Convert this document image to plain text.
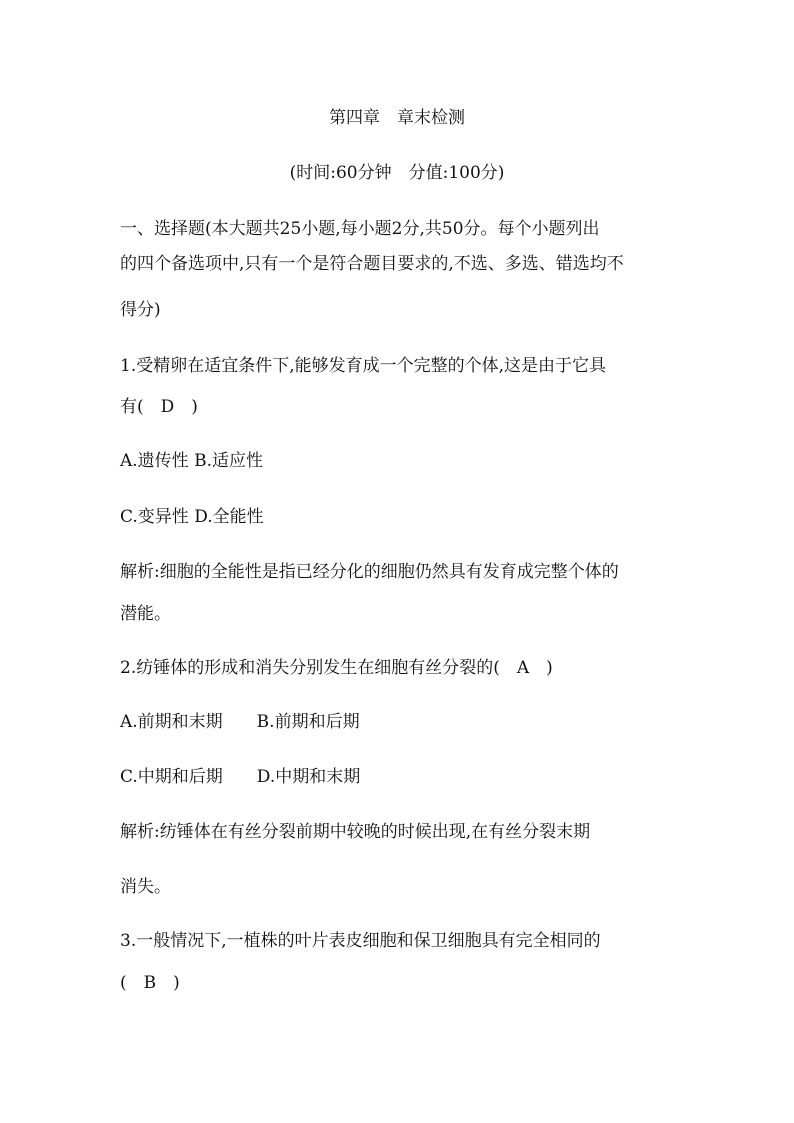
第四章　章末检测
(时间:60分钟　分值:100分)
一、选择题(本大题共25小题,每小题2分,共50分。每个小题列出
的四个备选项中,只有一个是符合题目要求的,不选、多选、错选均不
得分)
1.受精卵在适宜条件下,能够发育成一个完整的个体,这是由于它具
有(　D　)
A.遗传性 B.适应性
C.变异性 D.全能性
解析:细胞的全能性是指已经分化的细胞仍然具有发育成完整个体的
潜能。
2.纺锤体的形成和消失分别发生在细胞有丝分裂的(　A　)
A.前期和末期　　B.前期和后期
C.中期和后期　　D.中期和末期
解析:纺锤体在有丝分裂前期中较晚的时候出现,在有丝分裂末期
消失。
3.一般情况下,一植株的叶片表皮细胞和保卫细胞具有完全相同的
(　B　)
